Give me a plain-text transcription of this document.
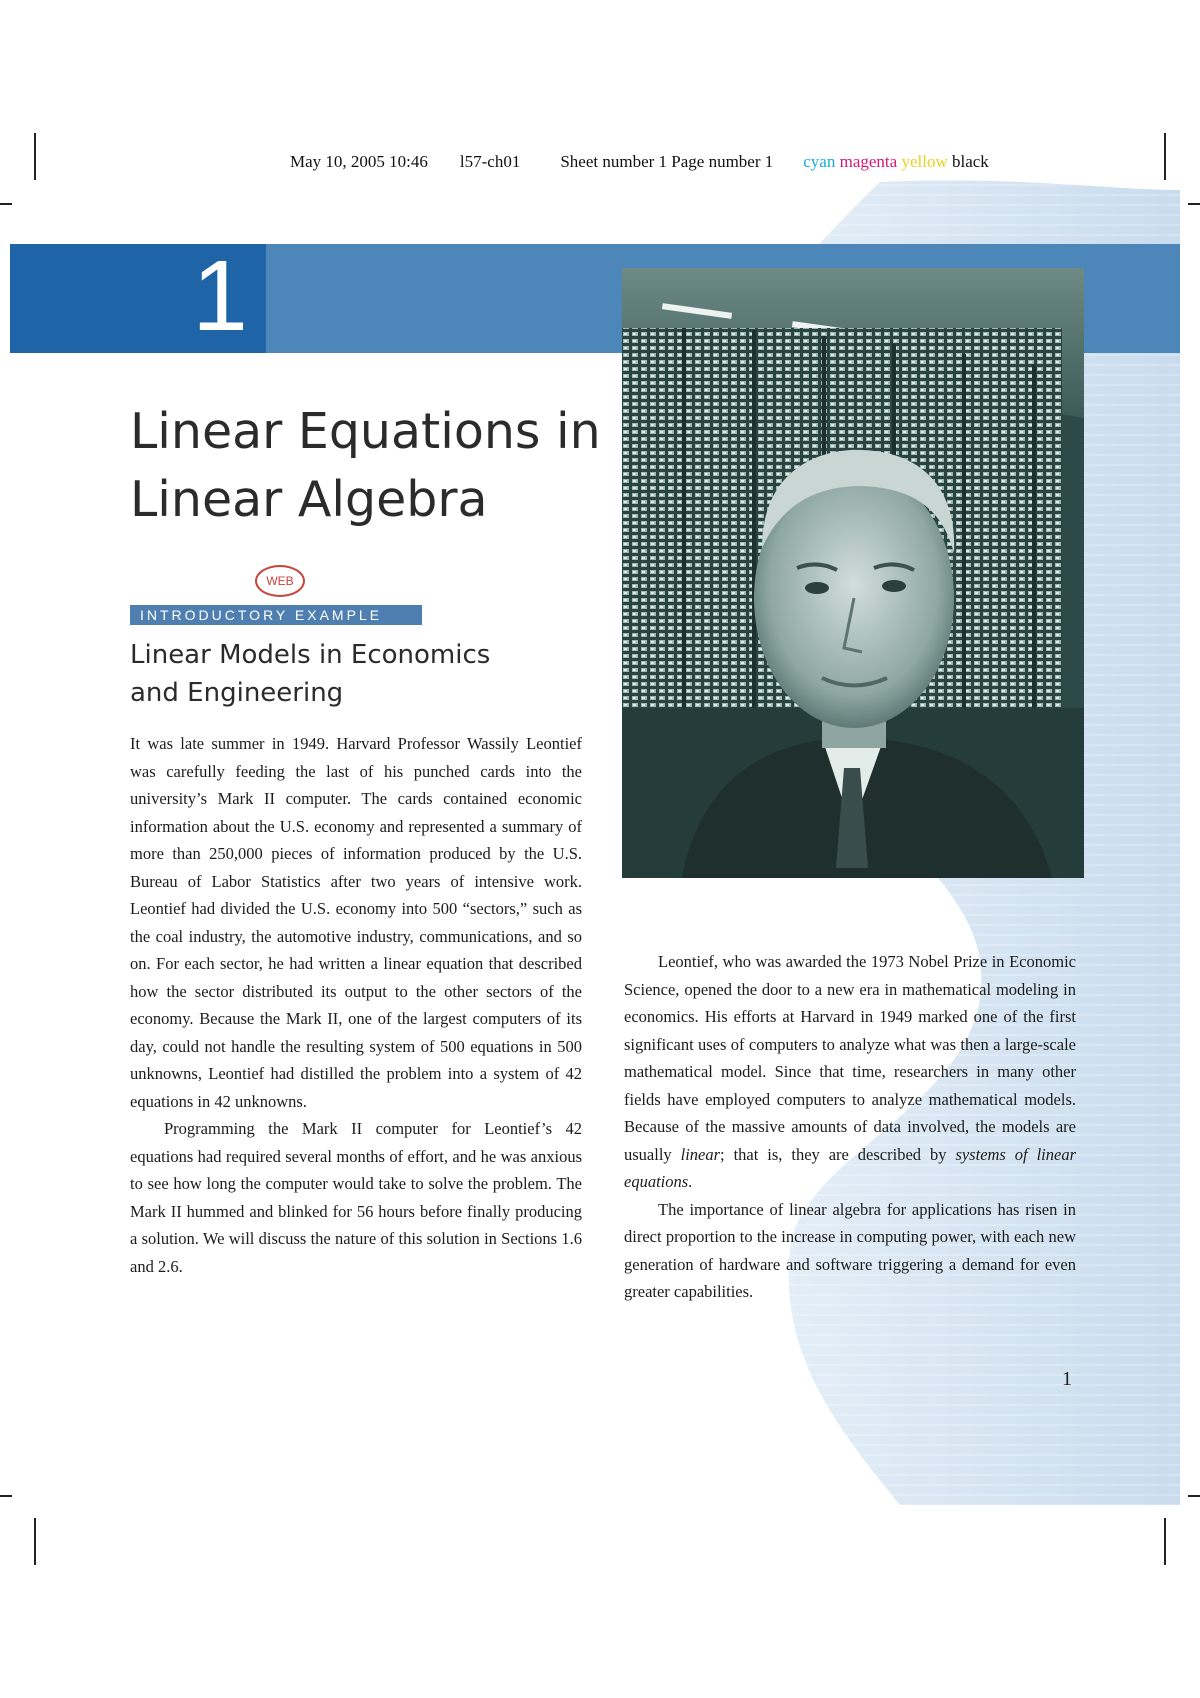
May 10, 2005 10:46 l57-ch01 Sheet number 1 Page number 1 cyan magenta yellow black
1
Linear Equations in
Linear Algebra
WEB
INTRODUCTORY EXAMPLE
Linear Models in Economics
and Engineering

It was late summer in 1949. Harvard Professor Wassily Leontief was carefully feeding the last of his punched cards into the university’s Mark II computer. The cards contained economic information about the U.S. economy and represented a summary of more than 250,000 pieces of information produced by the U.S. Bureau of Labor Statistics after two years of intensive work. Leontief had divided the U.S. economy into 500 “sectors,” such as the coal industry, the automotive industry, communications, and so on. For each sector, he had written a linear equation that described how the sector distributed its output to the other sectors of the economy. Because the Mark II, one of the largest computers of its day, could not handle the resulting system of 500 equations in 500 unknowns, Leontief had distilled the problem into a system of 42 equations in 42 unknowns.

Programming the Mark II computer for Leontief’s 42 equations had required several months of effort, and he was anxious to see how long the computer would take to solve the problem. The Mark II hummed and blinked for 56 hours before finally producing a solution. We will discuss the nature of this solution in Sections 1.6 and 2.6.

Leontief, who was awarded the 1973 Nobel Prize in Economic Science, opened the door to a new era in mathematical modeling in economics. His efforts at Harvard in 1949 marked one of the first significant uses of computers to analyze what was then a large-scale mathematical model. Since that time, researchers in many other fields have employed computers to analyze mathematical models. Because of the massive amounts of data involved, the models are usually linear; that is, they are described by systems of linear equations.

The importance of linear algebra for applications has risen in direct proportion to the increase in computing power, with each new generation of hardware and software triggering a demand for even greater capabilities.

1
